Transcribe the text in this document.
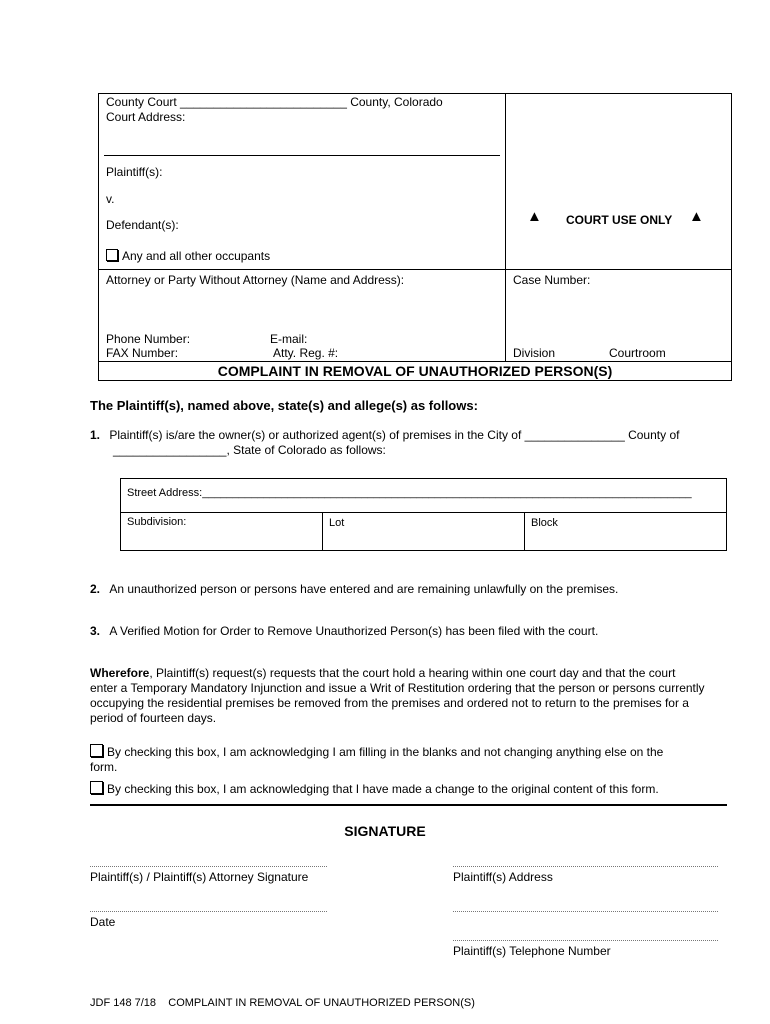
County Court _________________________ County, Colorado
Court Address:
Plaintiff(s):
v.
Defendant(s):
Any and all other occupants
▲ COURT USE ONLY ▲
Attorney or Party Without Attorney (Name and Address):	Case Number:
Phone Number:	E-mail:
FAX Number:	Atty. Reg. #:	Division	Courtroom
COMPLAINT IN REMOVAL OF UNAUTHORIZED PERSON(S)
The Plaintiff(s), named above, state(s) and allege(s) as follows:
1. Plaintiff(s) is/are the owner(s) or authorized agent(s) of premises in the City of _______________ County of
_________________, State of Colorado as follows:
Street Address:________________________________________________________________________________
Subdivision:	Lot	Block
2. An unauthorized person or persons have entered and are remaining unlawfully on the premises.
3. A Verified Motion for Order to Remove Unauthorized Person(s) has been filed with the court.
Wherefore, Plaintiff(s) request(s) requests that the court hold a hearing within one court day and that the court
enter a Temporary Mandatory Injunction and issue a Writ of Restitution ordering that the person or persons currently
occupying the residential premises be removed from the premises and ordered not to return to the premises for a
period of fourteen days.
By checking this box, I am acknowledging I am filling in the blanks and not changing anything else on the
form.
By checking this box, I am acknowledging that I have made a change to the original content of this form.
SIGNATURE
Plaintiff(s) / Plaintiff(s) Attorney Signature	Plaintiff(s) Address
Date
Plaintiff(s) Telephone Number
JDF 148 7/18    COMPLAINT IN REMOVAL OF UNAUTHORIZED PERSON(S)
